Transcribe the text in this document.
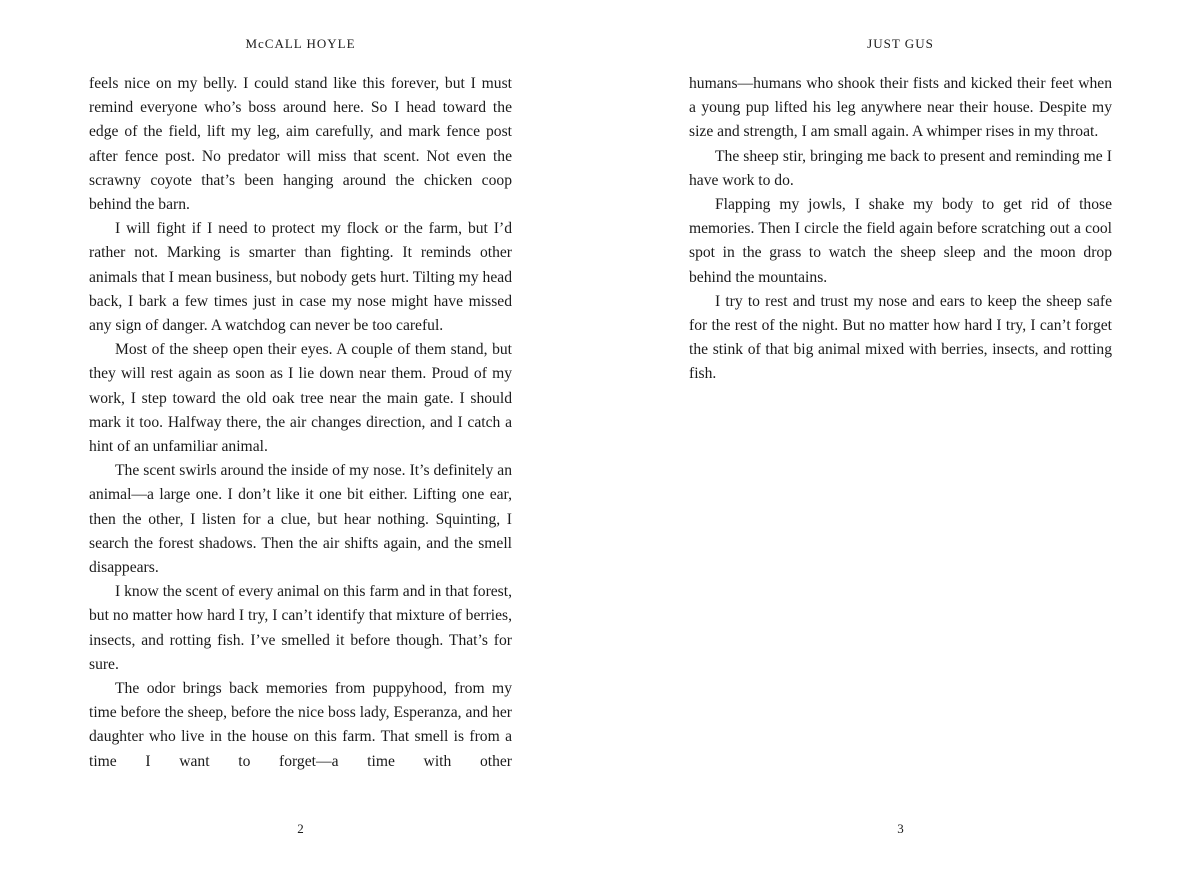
McCALL HOYLE

feels nice on my belly. I could stand like this forever, but I must remind everyone who’s boss around here. So I head toward the edge of the field, lift my leg, aim carefully, and mark fence post after fence post. No predator will miss that scent. Not even the scrawny coyote that’s been hanging around the chicken coop behind the barn.

I will fight if I need to protect my flock or the farm, but I’d rather not. Marking is smarter than fighting. It reminds other animals that I mean business, but nobody gets hurt. Tilting my head back, I bark a few times just in case my nose might have missed any sign of danger. A watchdog can never be too careful.

Most of the sheep open their eyes. A couple of them stand, but they will rest again as soon as I lie down near them. Proud of my work, I step toward the old oak tree near the main gate. I should mark it too. Halfway there, the air changes direction, and I catch a hint of an unfamiliar animal.

The scent swirls around the inside of my nose. It’s definitely an animal—a large one. I don’t like it one bit either. Lifting one ear, then the other, I listen for a clue, but hear nothing. Squinting, I search the forest shadows. Then the air shifts again, and the smell disappears.

I know the scent of every animal on this farm and in that forest, but no matter how hard I try, I can’t identify that mixture of berries, insects, and rotting fish. I’ve smelled it before though. That’s for sure.

The odor brings back memories from puppyhood, from my time before the sheep, before the nice boss lady, Esperanza, and her daughter who live in the house on this farm. That smell is from a time I want to forget—a time with other

2
JUST GUS

humans—humans who shook their fists and kicked their feet when a young pup lifted his leg anywhere near their house. Despite my size and strength, I am small again. A whimper rises in my throat.

The sheep stir, bringing me back to present and reminding me I have work to do.

Flapping my jowls, I shake my body to get rid of those memories. Then I circle the field again before scratching out a cool spot in the grass to watch the sheep sleep and the moon drop behind the mountains.

I try to rest and trust my nose and ears to keep the sheep safe for the rest of the night. But no matter how hard I try, I can’t forget the stink of that big animal mixed with berries, insects, and rotting fish.

3
